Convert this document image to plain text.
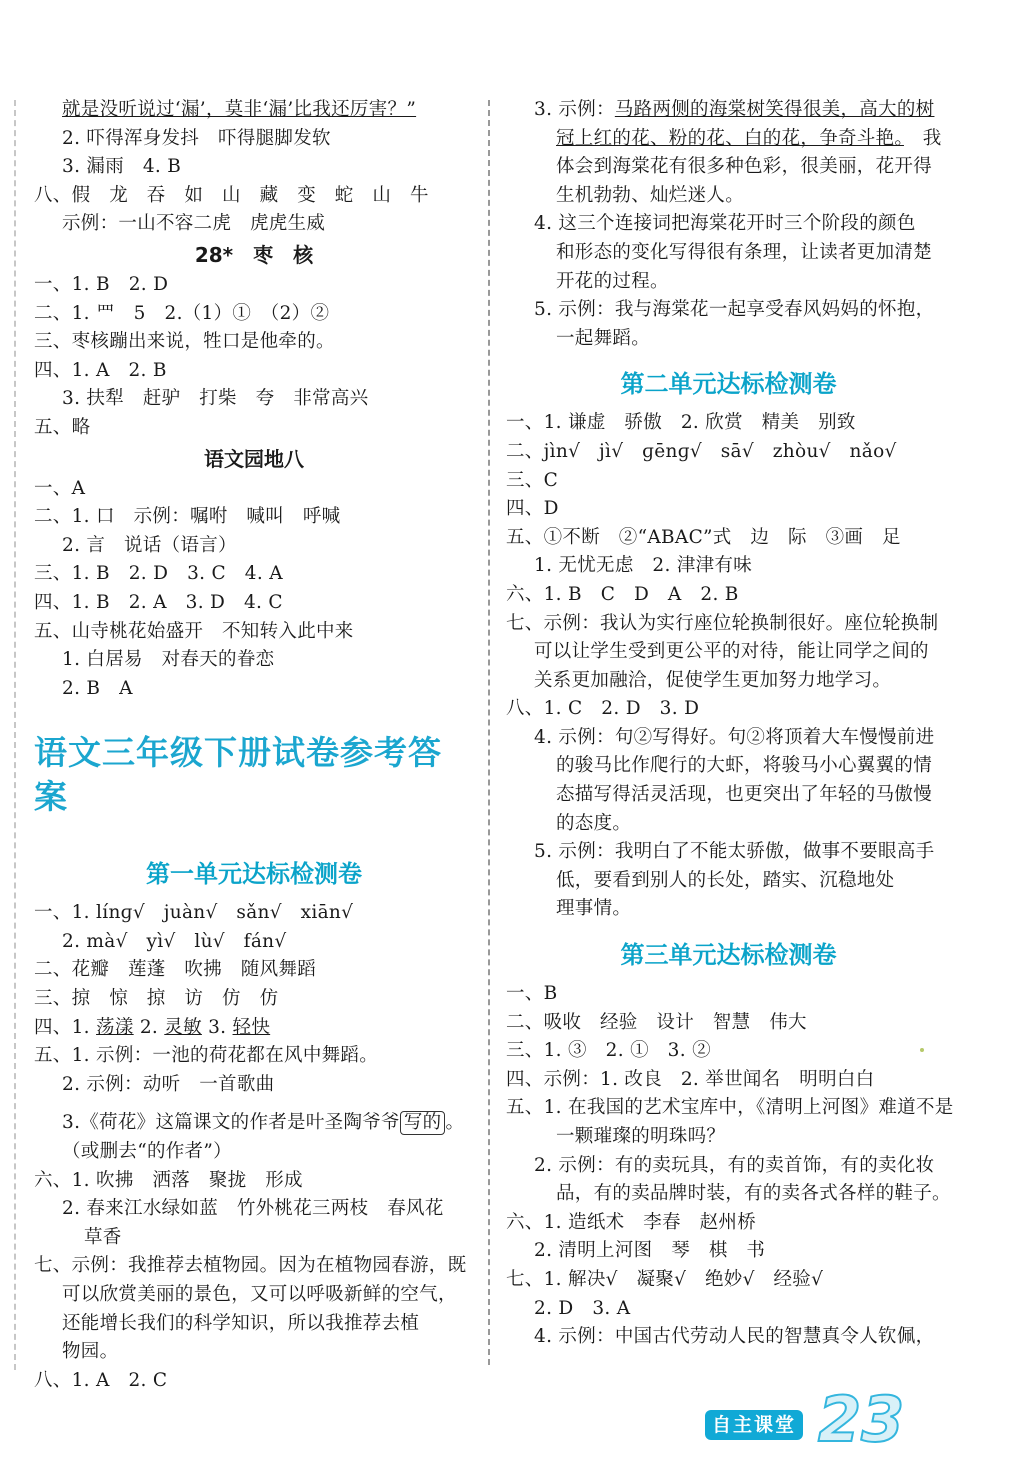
就是没听说过‘漏’，莫非‘漏’比我还厉害？”
2. 吓得浑身发抖　吓得腿脚发软
3. 漏雨　4. B
八、假　龙　吞　如　山　藏　变　蛇　山　牛
示例：一山不容二虎　虎虎生威
28*　枣　核
一、1. B　2. D
二、1. 罒　5　2.（1）①　（2）②
三、枣核蹦出来说，牲口是他牵的。
四、1. A　2. B
3. 扶犁　赶驴　打柴　夸　非常高兴
五、略
语文园地八
一、A
二、1. 口　示例：嘱咐　喊叫　呼喊
2. 言　说话（语言）
三、1. B　2. D　3. C　4. A
四、1. B　2. A　3. D　4. C
五、山寺桃花始盛开　不知转入此中来
1. 白居易　对春天的眷恋
2. B　A
语文三年级下册试卷参考答案
第一单元达标检测卷
一、1. línɡ√　juàn√　sǎn√　xiān√
2. mà√　yì√　lù√　fán√
二、花瓣　莲蓬　吹拂　随风舞蹈
三、掠　惊　掠　访　仿　仿
四、1. 荡漾 2. 灵敏 3. 轻快
五、1. 示例：一池的荷花都在风中舞蹈。
2. 示例：动听　一首歌曲
3.《荷花》这篇课文的作者是叶圣陶爷爷 写的 。
（或删去“的作者”）
六、1. 吹拂　洒落　聚拢　形成
2. 春来江水绿如蓝　竹外桃花三两枝　春风花
草香
七、示例：我推荐去植物园。因为在植物园春游，既
可以欣赏美丽的景色，又可以呼吸新鲜的空气，
还能增长我们的科学知识，所以我推荐去植
物园。
八、1. A　2. C
3. 示例：马路两侧的海棠树笑得很美，高大的树
冠上红的花、粉的花、白的花，争奇斗艳。　 我
体会到海棠花有很多种色彩，很美丽，花开得
生机勃勃、灿烂迷人。
4. 这三个连接词把海棠花开时三个阶段的颜色
和形态的变化写得很有条理，让读者更加清楚
开花的过程。
5. 示例：我与海棠花一起享受春风妈妈的怀抱，
一起舞蹈。
第二单元达标检测卷
一、1. 谦虚　骄傲　2. 欣赏　精美　别致
二、jìn√　jì√　ɡēnɡ√　sā√　zhòu√　nǎo√
三、C
四、D
五、①不断　②“ABAC”式　边　际　③画　足
1. 无忧无虑　2. 津津有味
六、1. B　C　D　A　2. B
七、示例：我认为实行座位轮换制很好。座位轮换制
可以让学生受到更公平的对待，能让同学之间的
关系更加融洽，促使学生更加努力地学习。
八、1. C　2. D　3. D
4. 示例：句②写得好。句②将顶着大车慢慢前进
的骏马比作爬行的大虾，将骏马小心翼翼的情
态描写得活灵活现，也更突出了年轻的马傲慢
的态度。
5. 示例：我明白了不能太骄傲，做事不要眼高手
低，要看到别人的长处，踏实、沉稳地处
理事情。
第三单元达标检测卷
一、B
二、吸收　经验　设计　智慧　伟大
三、1. ③　2. ①　3. ②
四、示例：1. 改良　2. 举世闻名　明明白白
五、1. 在我国的艺术宝库中，《清明上河图》难道不是
一颗璀璨的明珠吗？
2. 示例：有的卖玩具，有的卖首饰，有的卖化妆
品，有的卖品牌时装，有的卖各式各样的鞋子。
六、1. 造纸术　李春　赵州桥
2. 清明上河图　琴　棋　书
七、1. 解决√　凝聚√　绝妙√　经验√
2. D　3. A
4. 示例：中国古代劳动人民的智慧真令人钦佩，
自主课堂 23
